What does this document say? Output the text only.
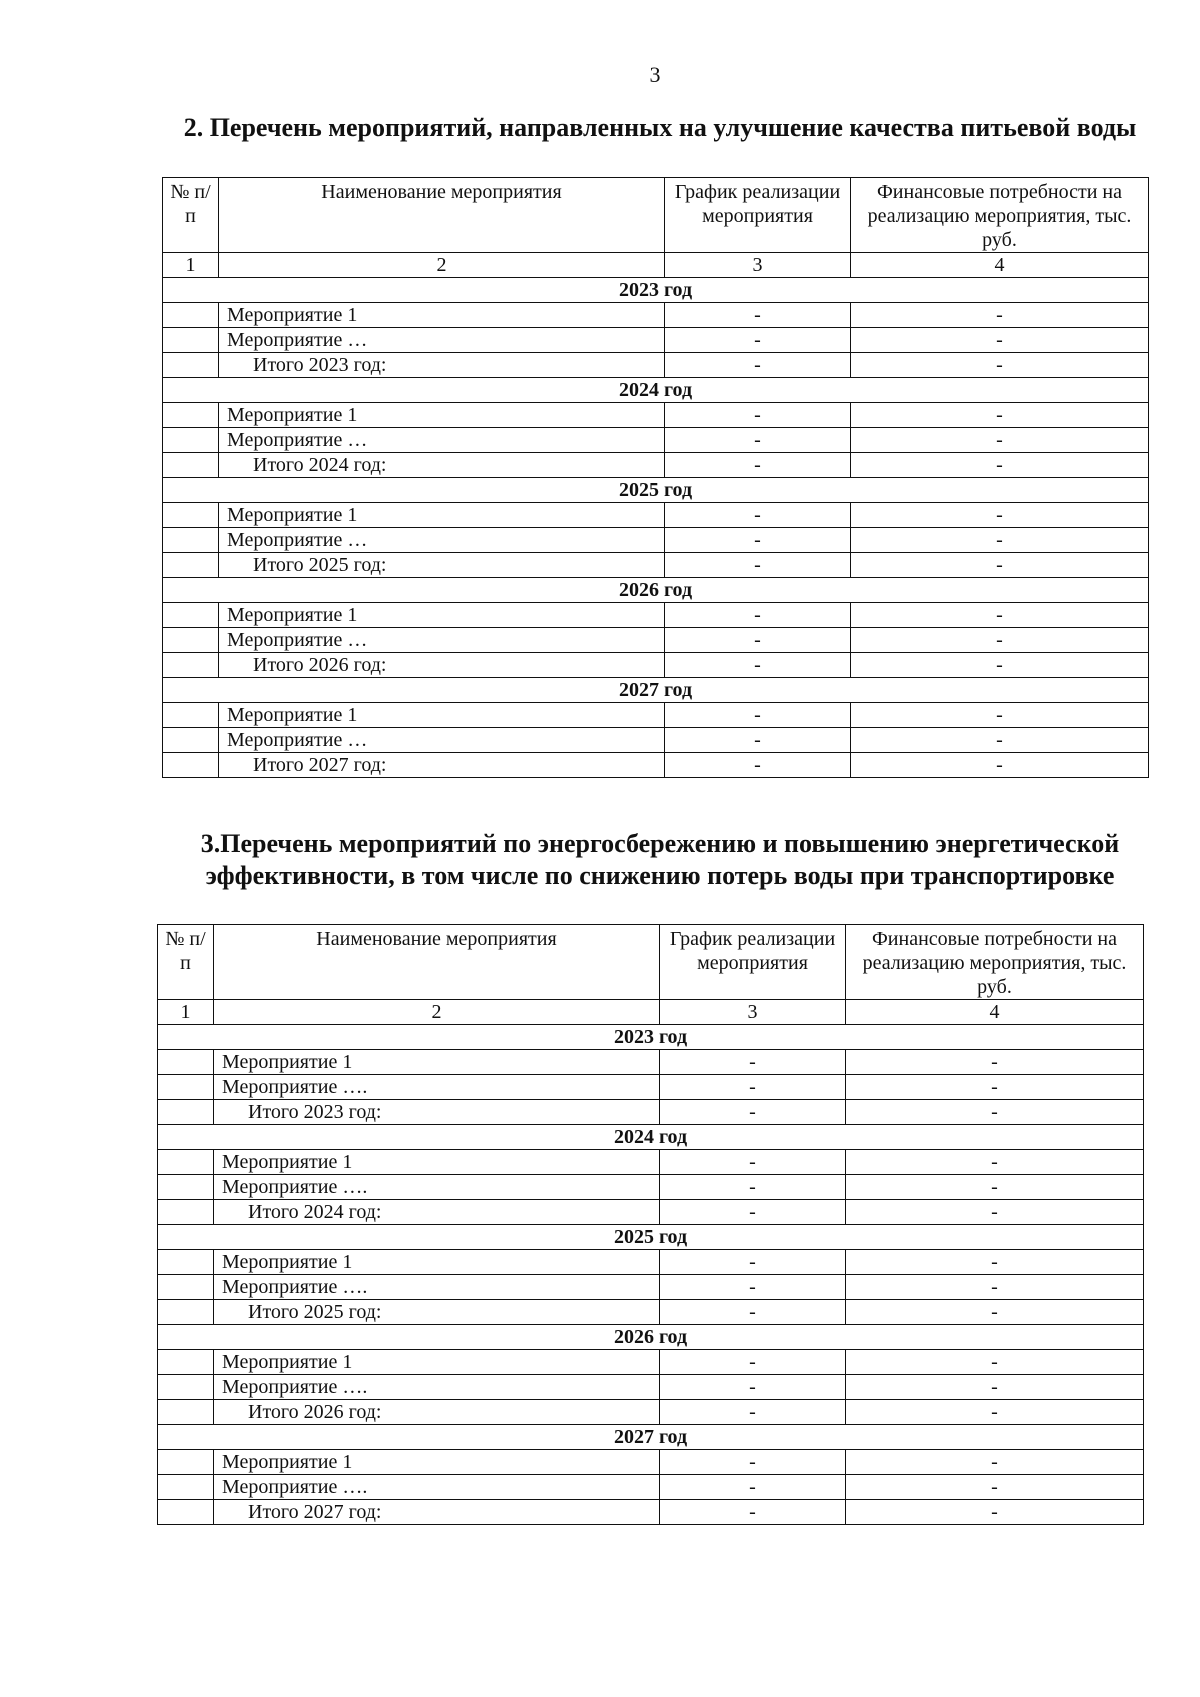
3
2. Перечень мероприятий, направленных на улучшение качества питьевой воды
№ п/п	Наименование мероприятия	График реализации мероприятия	Финансовые потребности на реализацию мероприятия, тыс. руб.
1	2	3	4
2023 год			
	Мероприятие 1	-	-
	Мероприятие …	-	-
	Итого 2023 год:	-	-
2024 год			
	Мероприятие 1	-	-
	Мероприятие …	-	-
	Итого 2024 год:	-	-
2025 год			
	Мероприятие 1	-	-
	Мероприятие …	-	-
	Итого 2025 год:	-	-
2026 год			
	Мероприятие 1	-	-
	Мероприятие …	-	-
	Итого 2026 год:	-	-
2027 год			
	Мероприятие 1	-	-
	Мероприятие …	-	-
	Итого 2027 год:	-	-
3.Перечень мероприятий по энергосбережению и повышению энергетической эффективности, в том числе по снижению потерь воды при транспортировке
№ п/п	Наименование мероприятия	График реализации мероприятия	Финансовые потребности на реализацию мероприятия, тыс. руб.
1	2	3	4
2023 год			
	Мероприятие 1	-	-
	Мероприятие ….	-	-
	Итого 2023 год:	-	-
2024 год			
	Мероприятие 1	-	-
	Мероприятие ….	-	-
	Итого 2024 год:	-	-
2025 год			
	Мероприятие 1	-	-
	Мероприятие ….	-	-
	Итого 2025 год:	-	-
2026 год			
	Мероприятие 1	-	-
	Мероприятие ….	-	-
	Итого 2026 год:	-	-
2027 год			
	Мероприятие 1	-	-
	Мероприятие ….	-	-
	Итого 2027 год:	-	-
